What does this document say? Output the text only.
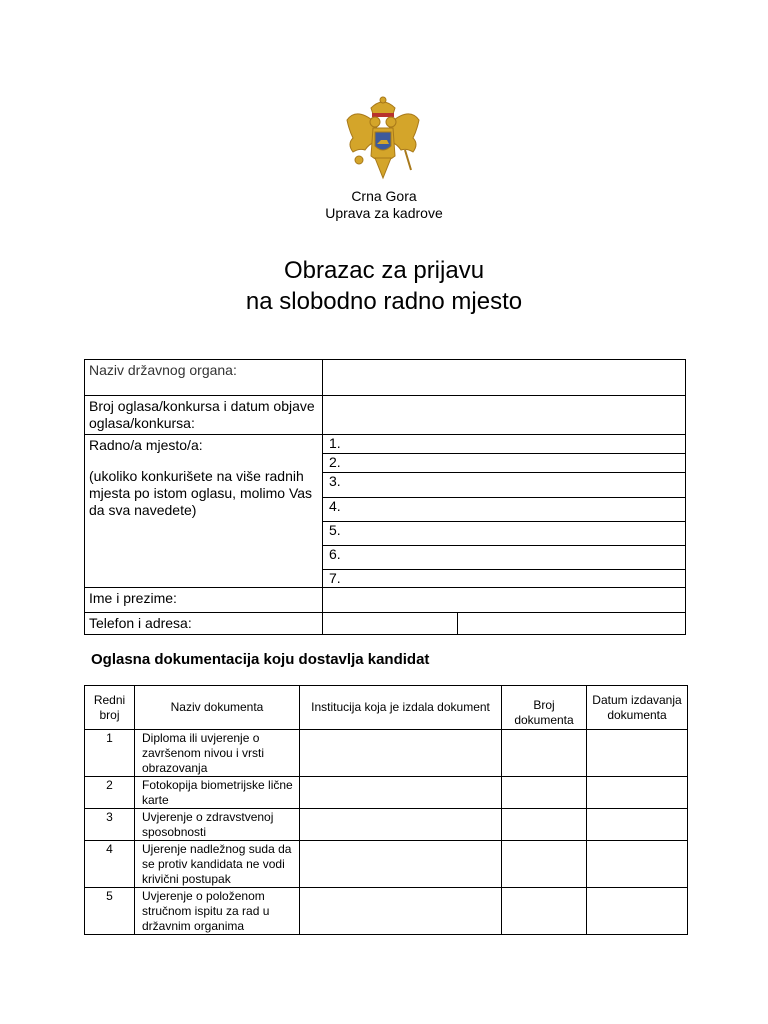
Crna Gora
Uprava za kadrove
Obrazac za prijavu
na slobodno radno mjesto
Naziv državnog organa:		
Broj oglasa/konkursa i datum objave oglasa/konkursa:		

Radno/a mjesto/a:
(ukoliko konkurišete na više radnih mjesta po istom oglasu, molimo Vas da sva navedete)	1.	
	2.	
	3.	
	4.	
	5.	
	6.	
	7.	
Ime i prezime:		
Telefon i adresa:		
Oglasna dokumentacija koju dostavlja kandidat
Redni broj	Naziv dokumenta	Institucija koja je izdala dokument	Broj dokumenta	Datum izdavanja dokumenta
1	Diploma ili uvjerenje o završenom nivou i vrsti obrazovanja			
2	Fotokopija biometrijske lične karte			
3	Uvjerenje o zdravstvenoj sposobnosti			
4	Ujerenje nadležnog suda da se protiv kandidata ne vodi krivični postupak			
5	Uvjerenje o položenom stručnom ispitu za rad u državnim organima			
